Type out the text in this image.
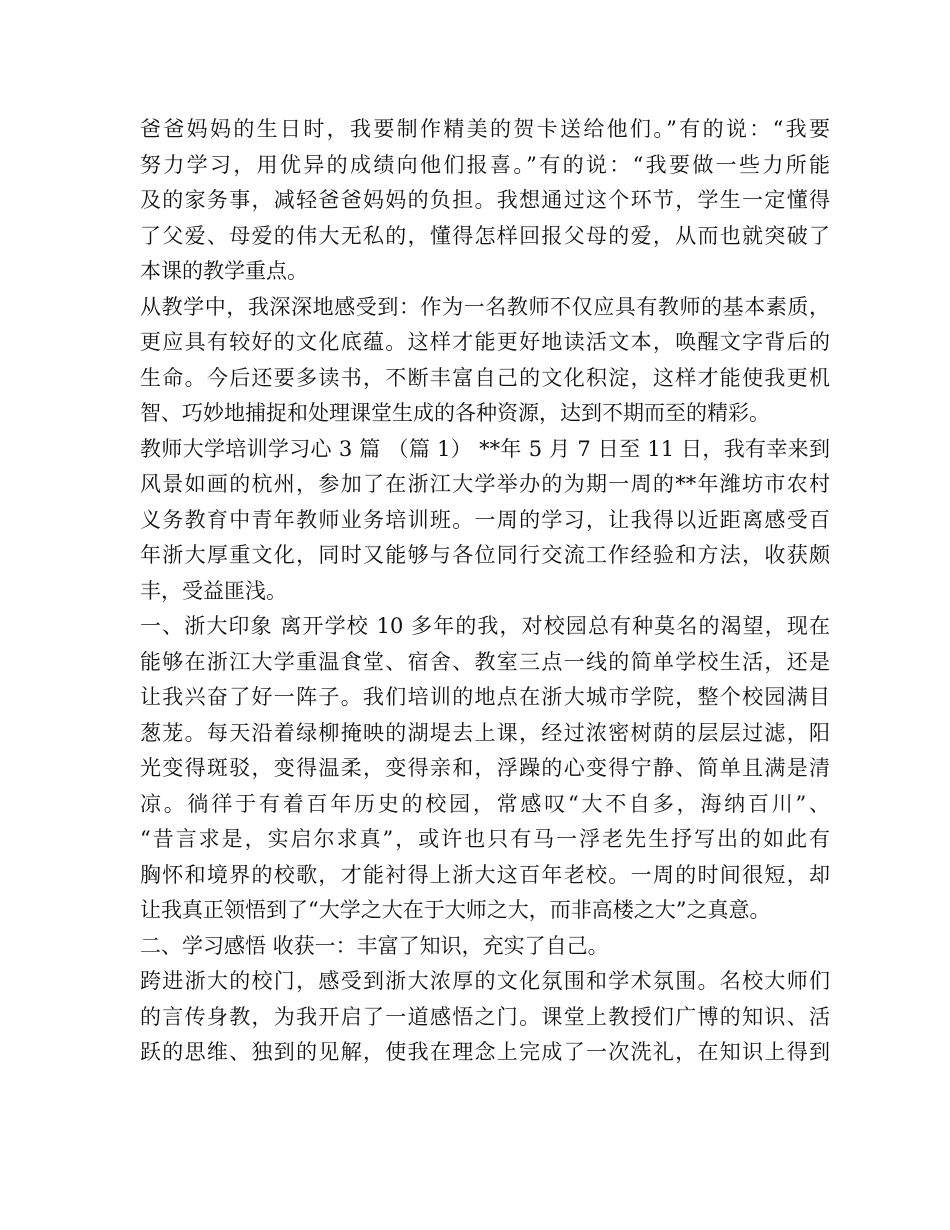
爸爸妈妈的生日时，我要制作精美的贺卡送给他们。”有的说：“我要
努力学习，用优异的成绩向他们报喜。”有的说：“我要做一些力所能
及的家务事，减轻爸爸妈妈的负担。我想通过这个环节，学生一定懂得
了父爱、母爱的伟大无私的，懂得怎样回报父母的爱，从而也就突破了
本课的教学重点。
从教学中，我深深地感受到：作为一名教师不仅应具有教师的基本素质，
更应具有较好的文化底蕴。这样才能更好地读活文本，唤醒文字背后的
生命。今后还要多读书，不断丰富自己的文化积淀，这样才能使我更机
智、巧妙地捕捉和处理课堂生成的各种资源，达到不期而至的精彩。
教师大学培训学习心 3 篇 （篇 1） **年 5 月 7 日至 11 日，我有幸来到
风景如画的杭州，参加了在浙江大学举办的为期一周的**年潍坊市农村
义务教育中青年教师业务培训班。一周的学习，让我得以近距离感受百
年浙大厚重文化，同时又能够与各位同行交流工作经验和方法，收获颇
丰，受益匪浅。
一、浙大印象 离开学校 10 多年的我，对校园总有种莫名的渴望，现在
能够在浙江大学重温食堂、宿舍、教室三点一线的简单学校生活，还是
让我兴奋了好一阵子。我们培训的地点在浙大城市学院，整个校园满目
葱茏。每天沿着绿柳掩映的湖堤去上课，经过浓密树荫的层层过滤，阳
光变得斑驳，变得温柔，变得亲和，浮躁的心变得宁静、简单且满是清
凉。徜徉于有着百年历史的校园，常感叹“大不自多，海纳百川”、
“昔言求是，实启尔求真”，或许也只有马一浮老先生抒写出的如此有
胸怀和境界的校歌，才能衬得上浙大这百年老校。一周的时间很短，却
让我真正领悟到了“大学之大在于大师之大，而非高楼之大”之真意。
二、学习感悟 收获一：丰富了知识，充实了自己。
跨进浙大的校门，感受到浙大浓厚的文化氛围和学术氛围。名校大师们
的言传身教，为我开启了一道感悟之门。课堂上教授们广博的知识、活
跃的思维、独到的见解，使我在理念上完成了一次洗礼，在知识上得到
